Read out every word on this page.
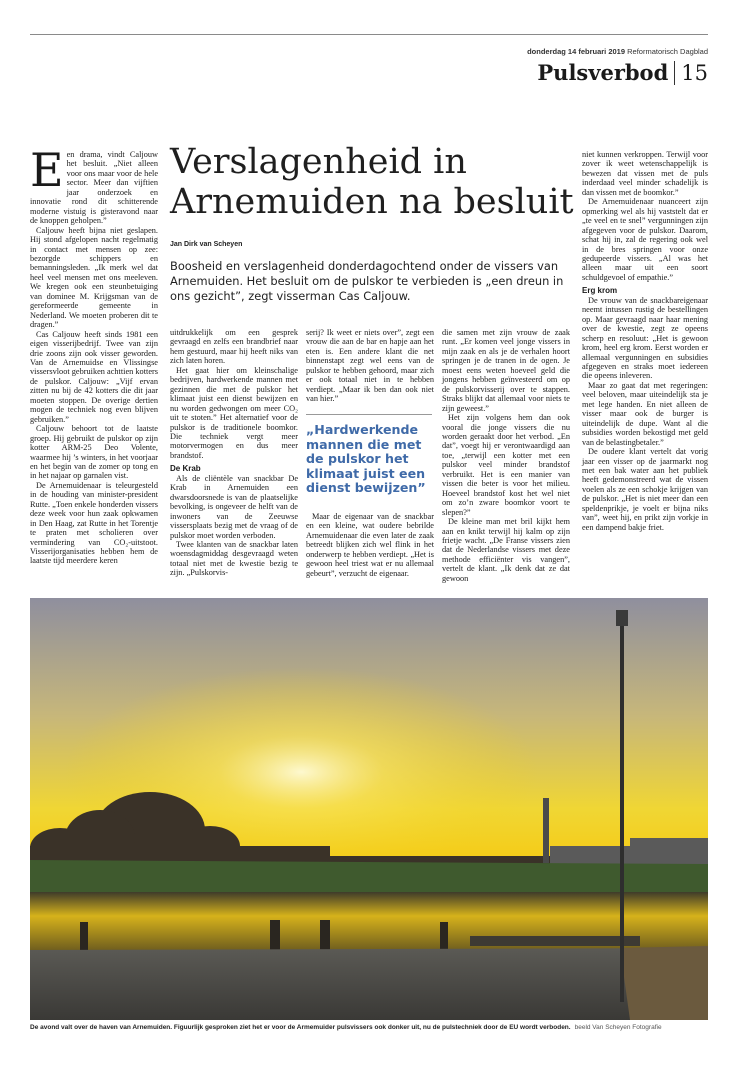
donderdag 14 februari 2019 Reformatorisch Dagblad
Pulsverbod 15

Een drama, vindt Caljouw het besluit. „Niet alleen voor ons maar voor de hele sector. Meer dan vijftien jaar onderzoek en innovatie rond dit schitterende moderne vistuig is gisteravond naar de knoppen geholpen.”

Caljouw heeft bijna niet geslapen. Hij stond afgelopen nacht regelmatig in contact met mensen op zee: bezorgde schippers en bemanningsleden. „Ik merk wel dat heel veel mensen met ons meeleven. We kregen ook een steunbetuiging van dominee M. Krijgsman van de gereformeerde gemeente in Nederland. We moeten proberen dit te dragen.”

Cas Caljouw heeft sinds 1981 een eigen visserijbedrijf. Twee van zijn drie zoons zijn ook visser geworden. Van de Arnemuidse en Vlissingse vissersvloot gebruiken achttien kotters de pulskor. Caljouw: „Vijf ervan zitten nu bij de 42 kotters die dit jaar moeten stoppen. De overige dertien mogen de techniek nog even blijven gebruiken.”

Caljouw behoort tot de laatste groep. Hij gebruikt de pulskor op zijn kotter ARM-25 Deo Volente, waarmee hij ’s winters, in het voorjaar en het begin van de zomer op tong en in het najaar op garnalen vist.

De Arnemuidenaar is teleurgesteld in de houding van minister-president Rutte. „Toen enkele honderden vissers deze week voor hun zaak opkwamen in Den Haag, zat Rutte in het Torentje te praten met scholieren over vermindering van CO₂-uitstoot. Visserijorganisaties hebben hem de laatste tijd meerdere keren

Verslagenheid in Arnemuiden na besluit
Jan Dirk van Scheyen
Boosheid en verslagenheid donderdagochtend onder de vissers van Arnemuiden. Het besluit om de pulskor te verbieden is „een dreun in ons gezicht”, zegt visserman Cas Caljouw.

uitdrukkelijk om een gesprek gevraagd en zelfs een brandbrief naar hem gestuurd, maar hij heeft niks van zich laten horen.

Het gaat hier om kleinschalige bedrijven, hardwerkende mannen met gezinnen die met de pulskor het klimaat juist een dienst bewijzen en nu worden gedwongen om meer CO₂ uit te stoten.” Het alternatief voor de pulskor is de traditionele boomkor. Die techniek vergt meer motorvermogen en dus meer brandstof.

De Krab

Als de cliëntèle van snackbar De Krab in Arnemuiden een dwarsdoorsnede is van de plaatselijke bevolking, is ongeveer de helft van de inwoners van de Zeeuwse vissersplaats bezig met de vraag of de pulskor moet worden verboden.

Twee klanten van de snackbar laten woensdagmiddag desgevraagd weten totaal niet met de kwestie bezig te zijn. „Pulskorvis-

serij? Ik weet er niets over”, zegt een vrouw die aan de bar en hapje aan het eten is. Een andere klant die net binnenstapt zegt wel eens van de pulskor te hebben gehoord, maar zich er ook totaal niet in te hebben verdiept. „Maar ik ben dan ook niet van hier.”

„Hardwerkende mannen die met de pulskor het klimaat juist een dienst bewijzen”

Maar de eigenaar van de snackbar en een kleine, wat oudere bebrilde Arnemuidenaar die even later de zaak betreedt blijken zich wel flink in het onderwerp te hebben verdiept. „Het is gewoon heel triest wat er nu allemaal gebeurt”, verzucht de eigenaar.

die samen met zijn vrouw de zaak runt. „Er komen veel jonge vissers in mijn zaak en als je de verhalen hoort springen je de tranen in de ogen. Je moest eens weten hoeveel geld die jongens hebben geïnvesteerd om op de pulskorvisserij over te stappen. Straks blijkt dat allemaal voor niets te zijn geweest.”

Het zijn volgens hem dan ook vooral die jonge vissers die nu worden geraakt door het verbod. „En dat”, voegt hij er verontwaardigd aan toe, „terwijl een kotter met een pulskor veel minder brandstof verbruikt. Het is een manier van vissen die beter is voor het milieu. Hoeveel brandstof kost het wel niet om zo’n zware boomkor voort te slepen?”

De kleine man met bril kijkt hem aan en knikt terwijl hij kalm op zijn frietje wacht. „De Franse vissers zien dat de Nederlandse vissers met deze methode efficiënter vis vangen”, vertelt de klant. „Ik denk dat ze dat gewoon

niet kunnen verkroppen. Terwijl voor zover ik weet wetenschappelijk is bewezen dat vissen met de puls inderdaad veel minder schadelijk is dan vissen met de boomkor.”

De Arnemuidenaar nuanceert zijn opmerking wel als hij vaststelt dat er „te veel en te snel” vergunningen zijn afgegeven voor de pulskor. Daarom, schat hij in, zal de regering ook wel in de bres springen voor onze gedupeerde vissers. „Al was het alleen maar uit een soort schuldgevoel of empathie.”

Erg krom

De vrouw van de snackbareigenaar neemt intussen rustig de bestellingen op. Maar gevraagd naar haar mening over de kwestie, zegt ze opeens scherp en resoluut: „Het is gewoon krom, heel erg krom. Eerst worden er allemaal vergunningen en subsidies afgegeven en straks moet iedereen die opeens inleveren.

Maar zo gaat dat met regeringen: veel beloven, maar uiteindelijk sta je met lege handen. En niet alleen de visser maar ook de burger is uiteindelijk de dupe. Want al die subsidies worden bekostigd met geld van de belastingbetaler.”

De oudere klant vertelt dat vorig jaar een visser op de jaarmarkt nog met een bak water aan het publiek heeft gedemonstreerd wat de vissen voelen als ze een schokje krijgen van de pulskor. „Het is niet meer dan een speldenprikje, je voelt er bijna niks van”, weet hij, en prikt zijn vorkje in een dampend bakje friet.

De avond valt over de haven van Arnemuiden. Figuurlijk gesproken ziet het er voor de Armemuider pulsvissers ook donker uit, nu de pulstechniek door de EU wordt verboden. beeld Van Scheyen Fotografie
